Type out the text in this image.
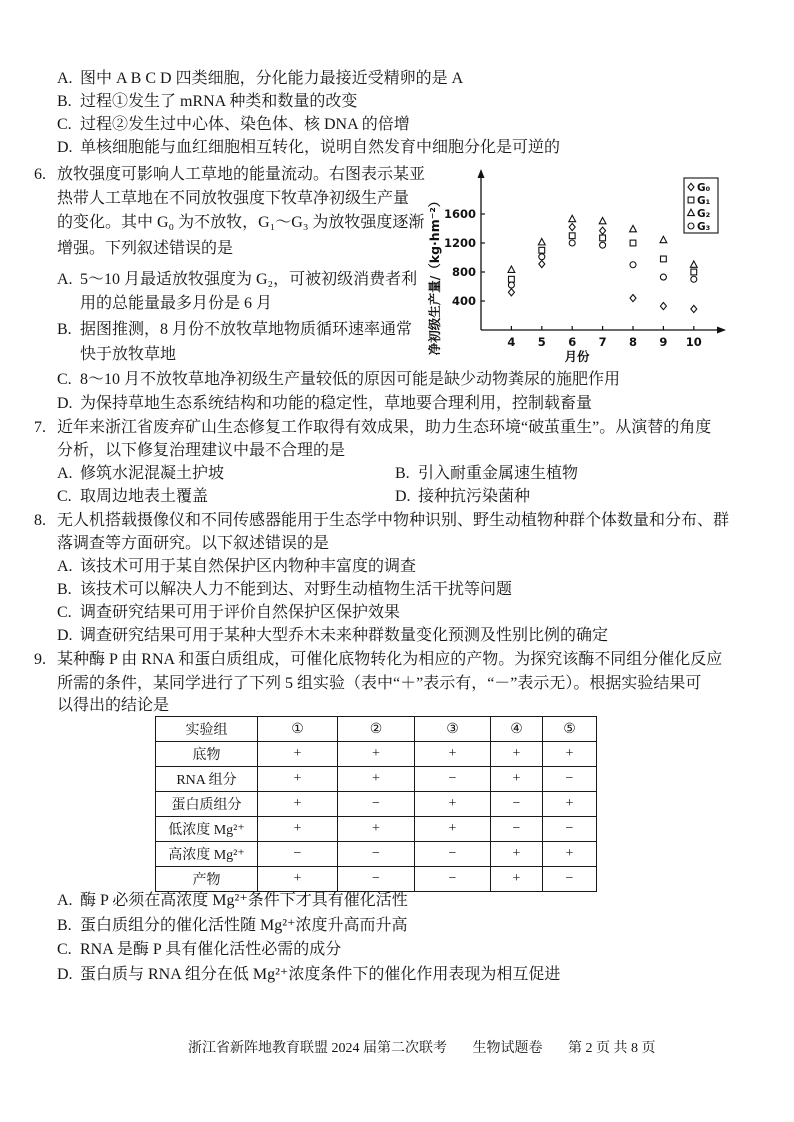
A. 图中 A B C D 四类细胞，分化能力最接近受精卵的是 A
B. 过程①发生了 mRNA 种类和数量的改变
C. 过程②发生过中心体、染色体、核 DNA 的倍增
D. 单核细胞能与血红细胞相互转化，说明自然发育中细胞分化是可逆的
6. 放牧强度可影响人工草地的能量流动。右图表示某亚
热带人工草地在不同放牧强度下牧草净初级生产量
的变化。其中 G₀ 为不放牧，G₁～G₃ 为放牧强度逐渐
增强。下列叙述错误的是
A. 5～10 月最适放牧强度为 G₂，可被初级消费者利
用的总能量最多月份是 6 月
B. 据图推测，8 月份不放牧草地物质循环速率通常
快于放牧草地
C. 8～10 月不放牧草地净初级生产量较低的原因可能是缺少动物粪尿的施肥作用
D. 为保持草地生态系统结构和功能的稳定性，草地要合理利用，控制载畜量
净初级生产量/（kg·hm⁻²）
月份
400
800
1200
1600
4 5 6 7 8 9 10
G₀
G₁
G₂
G₃
7. 近年来浙江省废弃矿山生态修复工作取得有效成果，助力生态环境“破茧重生”。从演替的角度
分析，以下修复治理建议中最不合理的是
A. 修筑水泥混凝土护坡	B. 引入耐重金属速生植物
C. 取周边地表土覆盖	D. 接种抗污染菌种
8. 无人机搭载摄像仪和不同传感器能用于生态学中物种识别、野生动植物种群个体数量和分布、群
落调查等方面研究。以下叙述错误的是
A. 该技术可用于某自然保护区内物种丰富度的调查
B. 该技术可以解决人力不能到达、对野生动植物生活干扰等问题
C. 调查研究结果可用于评价自然保护区保护效果
D. 调查研究结果可用于某种大型乔木未来种群数量变化预测及性别比例的确定
9. 某种酶 P 由 RNA 和蛋白质组成，可催化底物转化为相应的产物。为探究该酶不同组分催化反应
所需的条件，某同学进行了下列 5 组实验（表中“＋”表示有，“－”表示无）。根据实验结果可
以得出的结论是
实验组	①	②	③	④	⑤
底物	+	+	+	+	+
RNA 组分	+	+	−	+	−
蛋白质组分	+	−	+	−	+
低浓度 Mg²⁺	+	+	+	−	−
高浓度 Mg²⁺	−	−	−	+	+
产物	+	−	−	+	−
A. 酶 P 必须在高浓度 Mg²⁺条件下才具有催化活性
B. 蛋白质组分的催化活性随 Mg²⁺浓度升高而升高
C. RNA 是酶 P 具有催化活性必需的成分
D. 蛋白质与 RNA 组分在低 Mg²⁺浓度条件下的催化作用表现为相互促进
浙江省新阵地教育联盟 2024 届第二次联考 生物试题卷 第 2 页 共 8 页
